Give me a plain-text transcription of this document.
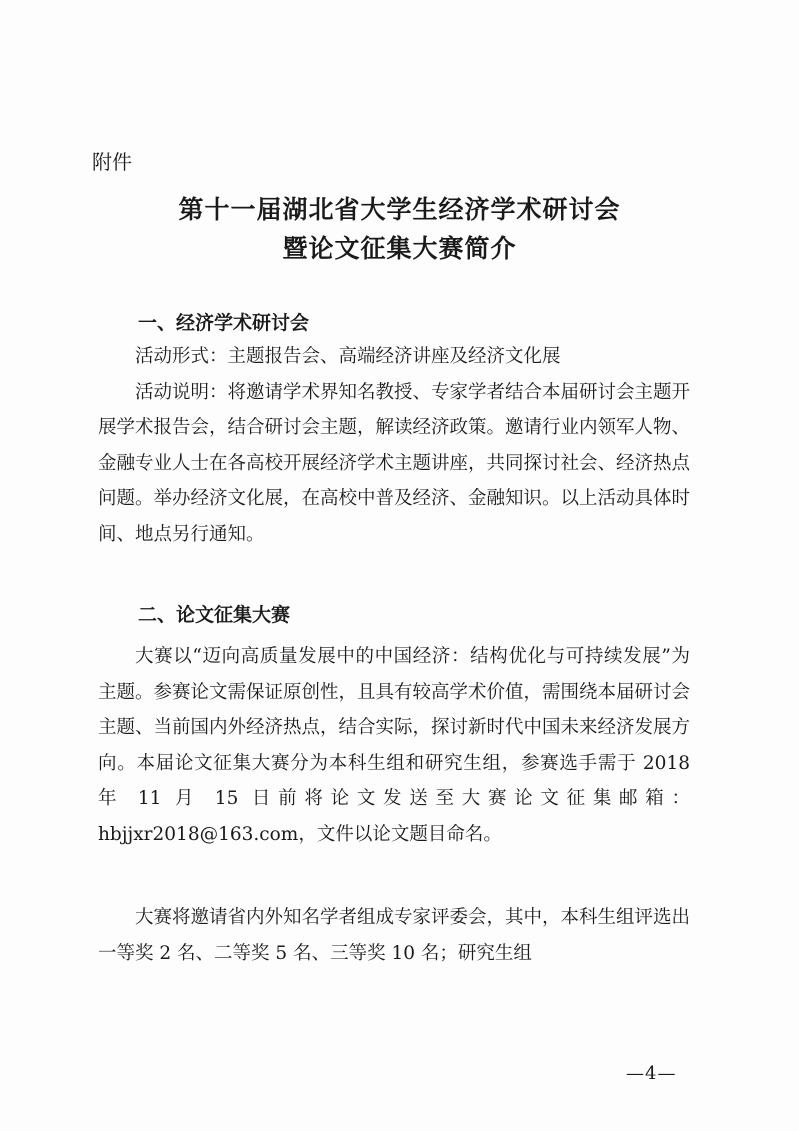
附件
第十一届湖北省大学生经济学术研讨会
暨论文征集大赛简介
一、经济学术研讨会

活动形式：主题报告会、高端经济讲座及经济文化展

活动说明：将邀请学术界知名教授、专家学者结合本届研讨会主题开展学术报告会，结合研讨会主题，解读经济政策。邀请行业内领军人物、金融专业人士在各高校开展经济学术主题讲座，共同探讨社会、经济热点问题。举办经济文化展，在高校中普及经济、金融知识。以上活动具体时间、地点另行通知。

二、论文征集大赛

大赛以“迈向高质量发展中的中国经济：结构优化与可持续发展”为主题。参赛论文需保证原创性，且具有较高学术价值，需围绕本届研讨会主题、当前国内外经济热点，结合实际，探讨新时代中国未来经济发展方向。本届论文征集大赛分为本科生组和研究生组，参赛选手需于 2018 年 11 月 15 日前将论文发送至大赛论文征集邮箱：hbjjxr2018@163.com，文件以论文题目命名。

大赛将邀请省内外知名学者组成专家评委会，其中，本科生组评选出一等奖 2 名、二等奖 5 名、三等奖 10 名；研究生组

—4—
